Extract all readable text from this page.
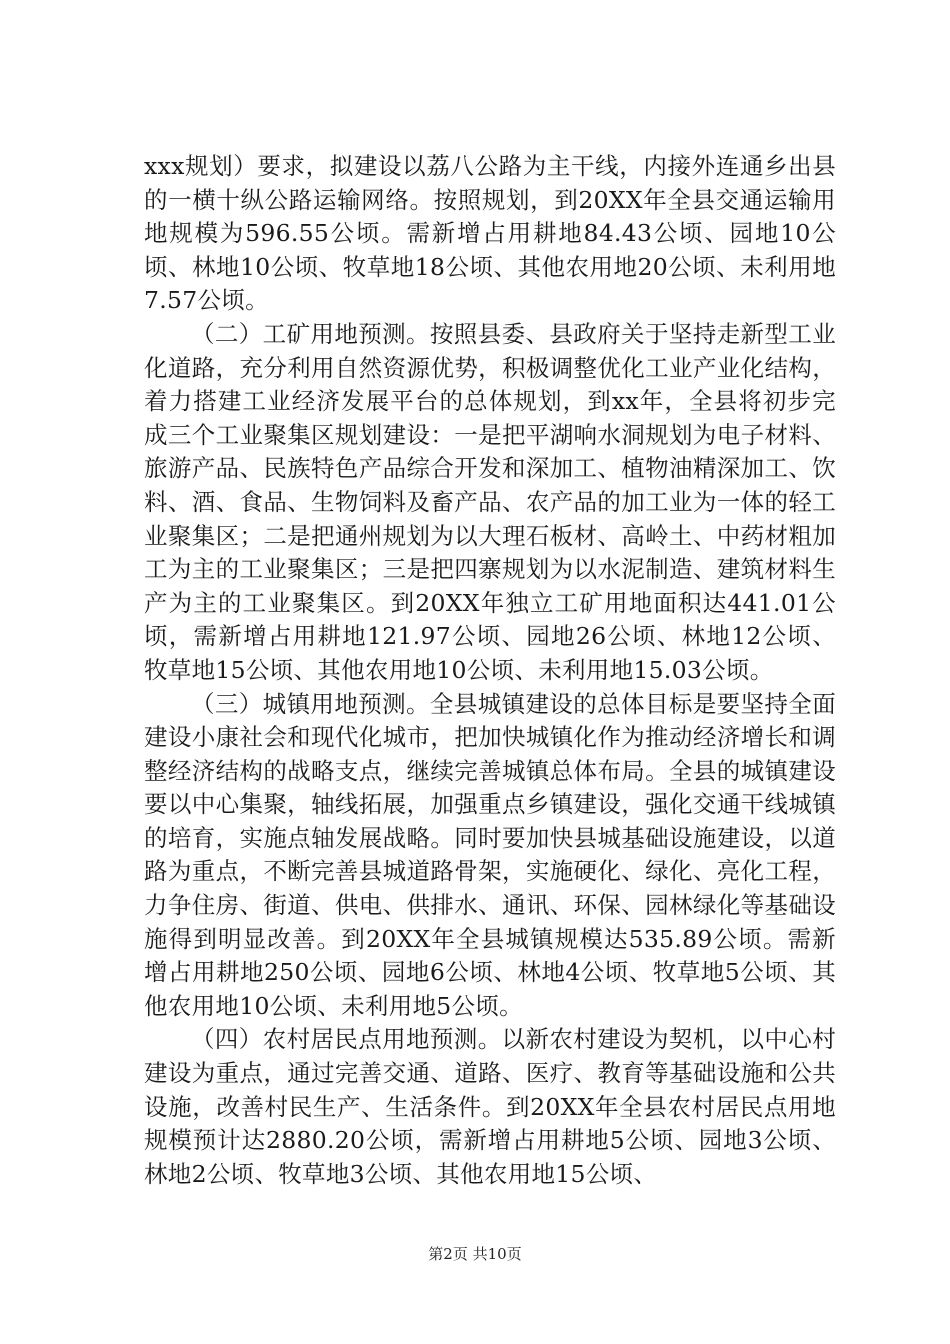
xxx规划）要求，拟建设以荔八公路为主干线，内接外连通乡出县的一横十纵公路运输网络。按照规划，到20XX年全县交通运输用地规模为596.55公顷。需新增占用耕地84.43公顷、园地10公顷、林地10公顷、牧草地18公顷、其他农用地20公顷、未利用地7.57公顷。

（二）工矿用地预测。按照县委、县政府关于坚持走新型工业化道路，充分利用自然资源优势，积极调整优化工业产业化结构，着力搭建工业经济发展平台的总体规划，到xx年，全县将初步完成三个工业聚集区规划建设：一是把平湖响水洞规划为电子材料、旅游产品、民族特色产品综合开发和深加工、植物油精深加工、饮料、酒、食品、生物饲料及畜产品、农产品的加工业为一体的轻工业聚集区；二是把通州规划为以大理石板材、高岭土、中药材粗加工为主的工业聚集区；三是把四寨规划为以水泥制造、建筑材料生产为主的工业聚集区。到20XX年独立工矿用地面积达441.01公顷，需新增占用耕地121.97公顷、园地26公顷、林地12公顷、牧草地15公顷、其他农用地10公顷、未利用地15.03公顷。

（三）城镇用地预测。全县城镇建设的总体目标是要坚持全面建设小康社会和现代化城市，把加快城镇化作为推动经济增长和调整经济结构的战略支点，继续完善城镇总体布局。全县的城镇建设要以中心集聚，轴线拓展，加强重点乡镇建设，强化交通干线城镇的培育，实施点轴发展战略。同时要加快县城基础设施建设，以道路为重点，不断完善县城道路骨架，实施硬化、绿化、亮化工程，力争住房、街道、供电、供排水、通讯、环保、园林绿化等基础设施得到明显改善。到20XX年全县城镇规模达535.89公顷。需新增占用耕地250公顷、园地6公顷、林地4公顷、牧草地5公顷、其他农用地10公顷、未利用地5公顷。

（四）农村居民点用地预测。以新农村建设为契机，以中心村建设为重点，通过完善交通、道路、医疗、教育等基础设施和公共设施，改善村民生产、生活条件。到20XX年全县农村居民点用地规模预计达2880.20公顷，需新增占用耕地5公顷、园地3公顷、林地2公顷、牧草地3公顷、其他农用地15公顷、

第2页 共10页
